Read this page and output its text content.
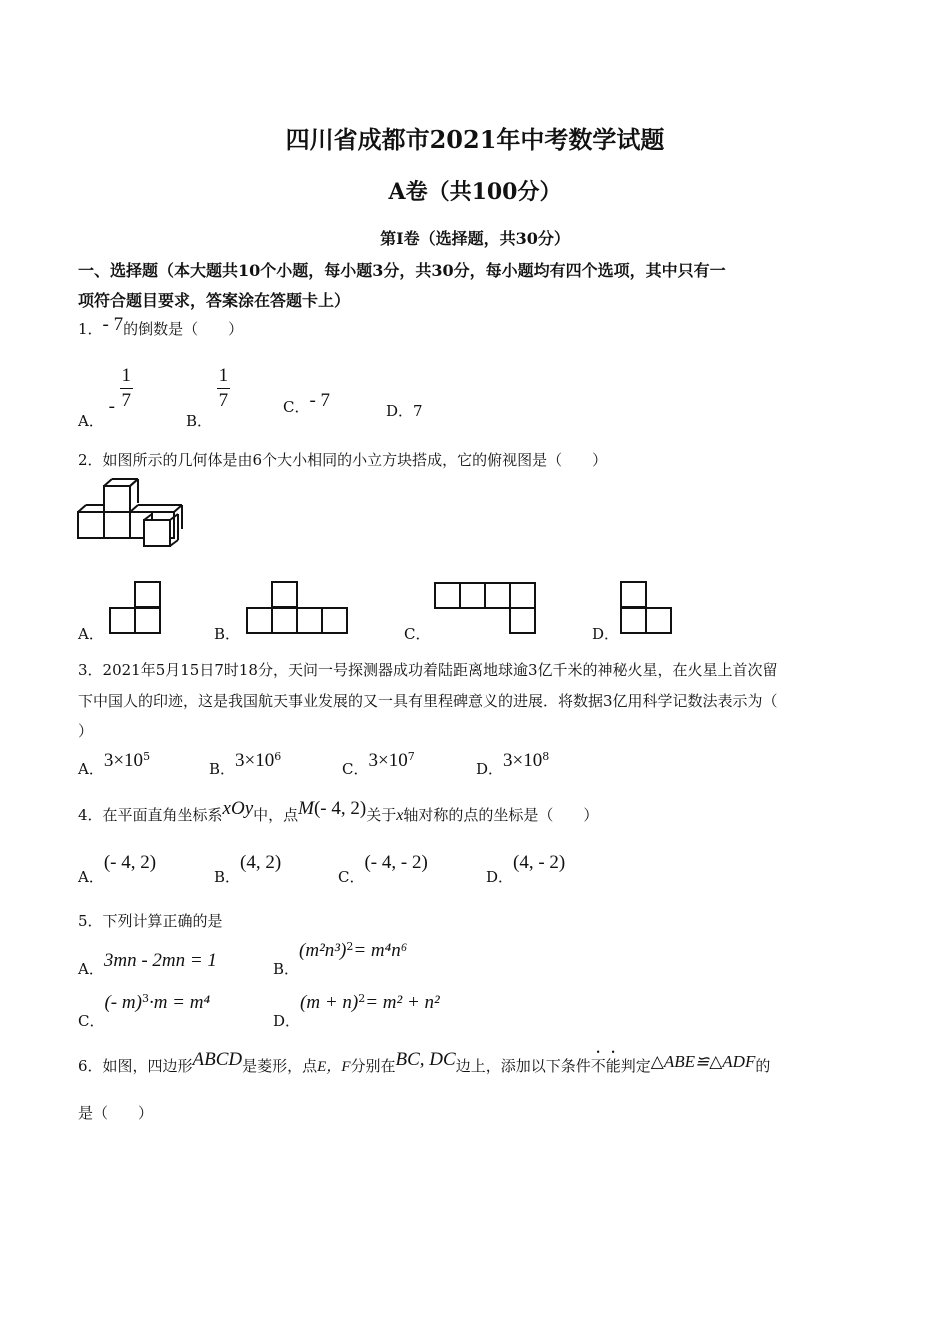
四川省成都市2021年中考数学试题
A卷（共100分）
第Ⅰ卷（选择题，共30分）
一、选择题（本大题共10个小题，每小题3分，共30分，每小题均有四个选项，其中只有一
项符合题目要求，答案涂在答题卡上）
1．- 7的倒数是（　　）
A． - $\frac{1}{7}$
B．
$\frac{1}{7}$	C．- 7	D．7
2．如图所示的几何体是由6个大小相同的小立方块搭成，它的俯视图是（　　）
A．	B．	C．	D．
3．2021年5月15日7时18分，天问一号探测器成功着陆距离地球逾3亿千米的神秘火星，在火星上首次留
下中国人的印迹，这是我国航天事业发展的又一具有里程碑意义的进展．将数据3亿用科学记数法表示为（
）
A．$3\times 10^5$
B．$3\times 10^6$
C．$3\times 10^7$
D．$3\times 10^8$
4．在平面直角坐标系xOy中，点M(- 4, 2)关于x轴对称的点的坐标是（　　）
A．(- 4, 2)
B．(4, 2)
C．(- 4, - 2)
D．(4, - 2)
5．下列计算正确的是
A．3mn - 2mn = 1	B．$(m^2n^3)^2= m^4n^6$
C．(- m)$^3$·m = m⁴
D．$(m + n)^2= m^2 + n^2$
6．如图，四边形ABCD是菱形，点E，F分别在BC, DC边上，添加以下条件不能判定△ABE≌△ADF的
是（　　）
